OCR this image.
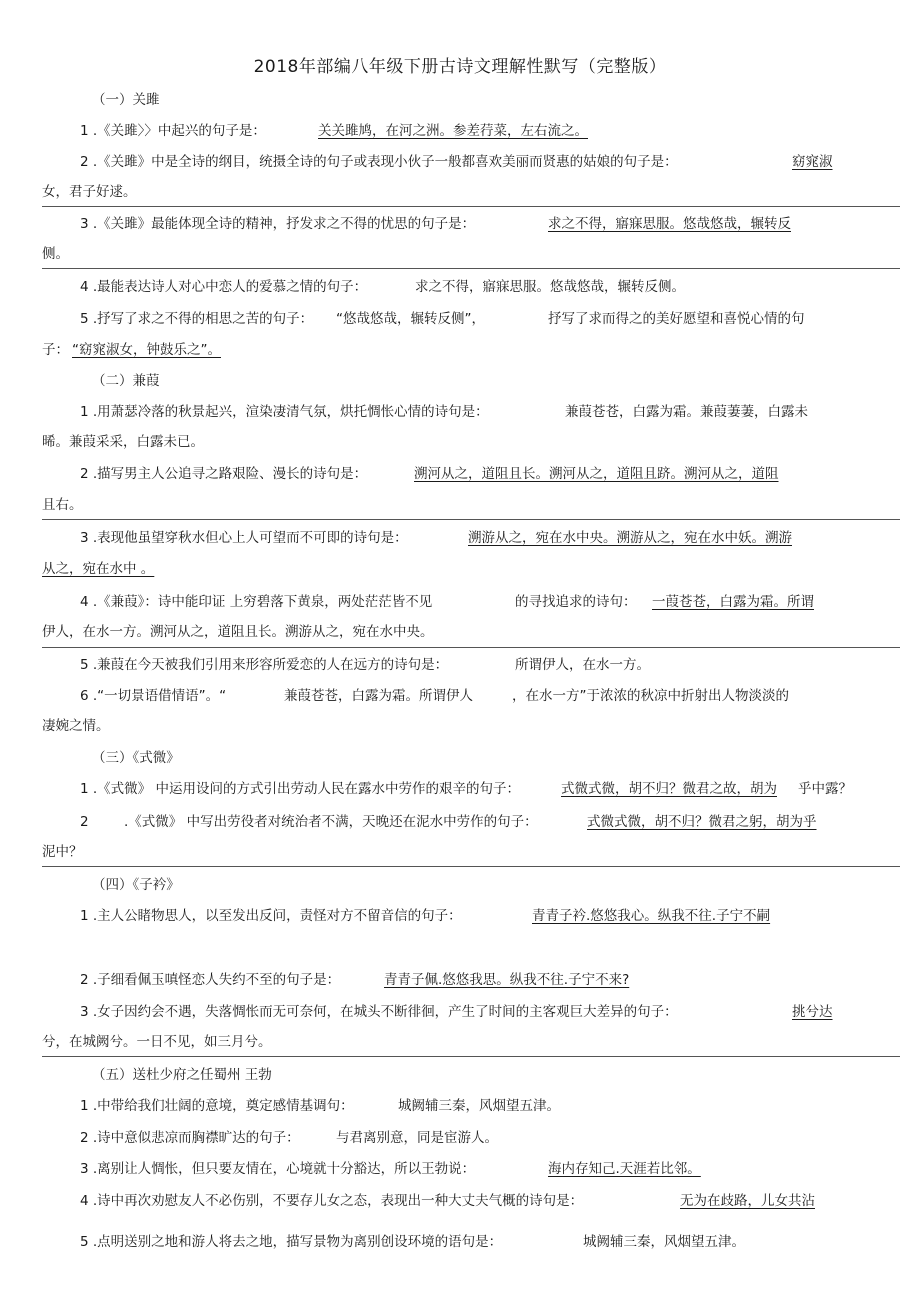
2018年部编八年级下册古诗文理解性默写（完整版）
（一）关雎
1 .《关雎〉〉中起兴的句子是：	关关雎鸠，在河之洲。参差荇菜，左右流之。
2 .《关雎》中是全诗的纲目，统摄全诗的句子或表现小伙子一般都喜欢美丽而贤惠的姑娘的句子是：	窈窕淑
女，君子好逑。
3 .《关雎》最能体现全诗的精神，抒发求之不得的忧思的句子是：	求之不得，寤寐思服。悠哉悠哉，辗转反
侧。
4 .最能表达诗人对心中恋人的爱慕之情的句子：	求之不得，寤寐思服。悠哉悠哉，辗转反侧。
5 .抒写了求之不得的相思之苦的句子： “悠哉悠哉，辗转反侧”，	抒写了求而得之的美好愿望和喜悦心情的句
子： “窈窕淑女，钟鼓乐之”。
（二）兼葭
1 .用萧瑟冷落的秋景起兴，渲染凄清气氛，烘托惆怅心情的诗句是：	兼葭苍苍，白露为霜。兼葭萋萋，白露未
晞。兼葭采采，白露未已。
2 .描写男主人公追寻之路艰险、漫长的诗句是：	溯河从之，道阻且长。溯河从之，道阻且跻。溯河从之，道阻
且右。
3 .表现他虽望穿秋水但心上人可望而不可即的诗句是：	溯游从之，宛在水中央。溯游从之，宛在水中妖。溯游
从之，宛在水中 。
4 .《兼葭》：诗中能印证 上穷碧落下黄泉，两处茫茫皆不见	的寻找追求的诗句： 一葭苍苍，白露为霜。所谓
伊人，在水一方。溯河从之，道阻且长。溯游从之，宛在水中央。
5 .兼葭在今天被我们引用来形容所爱恋的人在远方的诗句是：	所谓伊人，在水一方。
6 .“一切景语借情语”。“	兼葭苍苍，白露为霜。所谓伊人	，在水一方”于浓浓的秋凉中折射出人物淡淡的
凄婉之情。
（三）《式微》
1 .《式微》 中运用设问的方式引出劳动人民在露水中劳作的艰辛的句子：	式微式微，胡不归？微君之故，胡为 乎中露？
2	.《式微》 中写出劳役者对统治者不满，天晚还在泥水中劳作的句子：	式微式微，胡不归？微君之躬，胡为乎
泥中？
（四）《子衿》
1 .主人公睹物思人，以至发出反问，责怪对方不留音信的句子：	青青子衿.悠悠我心。纵我不往.子宁不嗣
2 .子细看佩玉嗔怪恋人失约不至的句子是：	青青子佩.悠悠我思。纵我不往.子宁不来?
3 .女子因约会不遇，失落惆怅而无可奈何，在城头不断徘徊，产生了时间的主客观巨大差异的句子：	挑兮达
兮，在城阙兮。一日不见，如三月兮。
（五）送杜少府之任蜀州 王勃
1 .中带给我们壮阔的意境，奠定感情基调句：	城阙辅三秦，风烟望五津。
2 .诗中意似悲凉而胸襟旷达的句子：	与君离别意，同是宦游人。
3 .离别让人惆怅，但只要友情在，心境就十分豁达，所以王勃说：	海内存知己.天涯若比邻。
4 .诗中再次劝慰友人不必伤别，不要存儿女之态，表现出一种大丈夫气概的诗句是：	无为在歧路，儿女共沾
5 .点明送别之地和游人将去之地，描写景物为离别创设环境的语句是：	城阙辅三秦，风烟望五津。
